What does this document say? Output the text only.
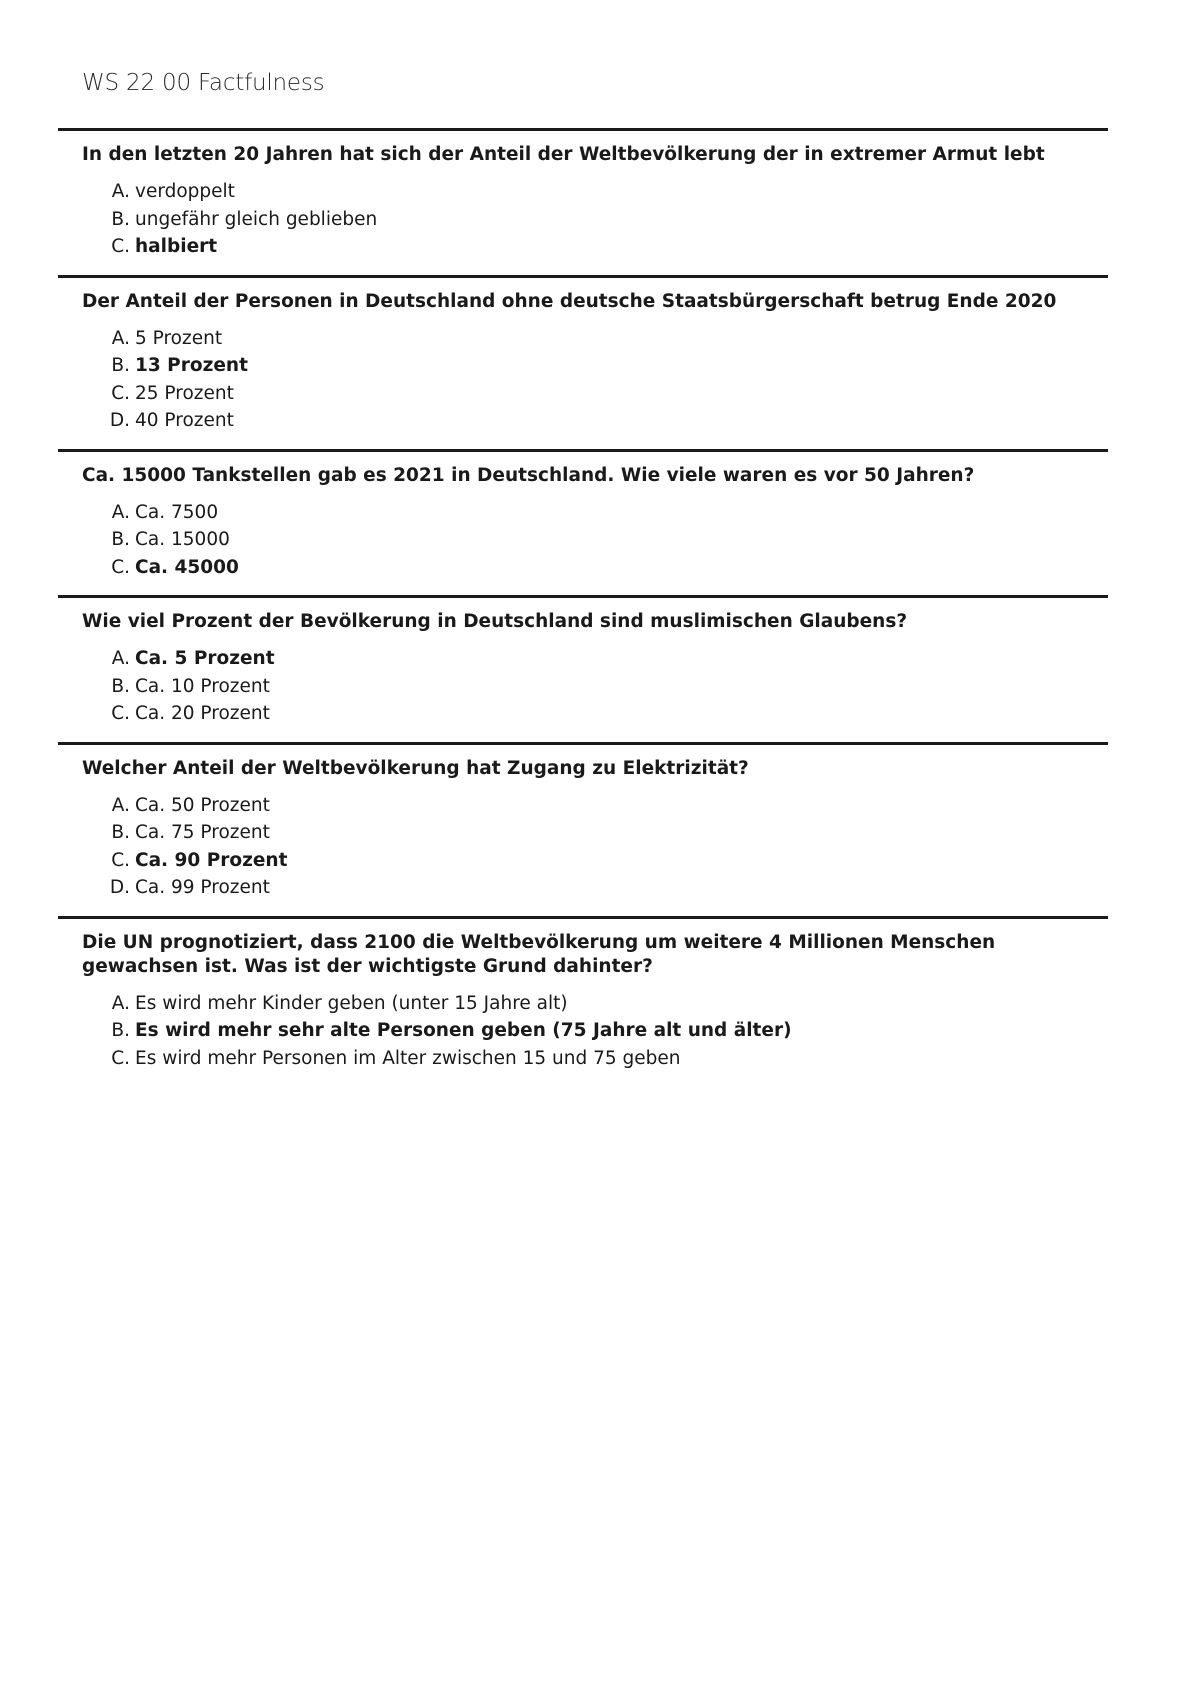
WS 22 00 Factfulness
In den letzten 20 Jahren hat sich der Anteil der Weltbevölkerung der in extremer Armut lebt
A. verdoppelt
B. ungefähr gleich geblieben
C. halbiert
Der Anteil der Personen in Deutschland ohne deutsche Staatsbürgerschaft betrug Ende 2020
A. 5 Prozent
B. 13 Prozent
C. 25 Prozent
D. 40 Prozent
Ca. 15000 Tankstellen gab es 2021 in Deutschland. Wie viele waren es vor 50 Jahren?
A. Ca. 7500
B. Ca. 15000
C. Ca. 45000
Wie viel Prozent der Bevölkerung in Deutschland sind muslimischen Glaubens?
A. Ca. 5 Prozent
B. Ca. 10 Prozent
C. Ca. 20 Prozent
Welcher Anteil der Weltbevölkerung hat Zugang zu Elektrizität?
A. Ca. 50 Prozent
B. Ca. 75 Prozent
C. Ca. 90 Prozent
D. Ca. 99 Prozent
Die UN prognotiziert, dass 2100 die Weltbevölkerung um weitere 4 Millionen Menschen gewachsen ist. Was ist der wichtigste Grund dahinter?
A. Es wird mehr Kinder geben (unter 15 Jahre alt)
B. Es wird mehr sehr alte Personen geben (75 Jahre alt und älter)
C. Es wird mehr Personen im Alter zwischen 15 und 75 geben
